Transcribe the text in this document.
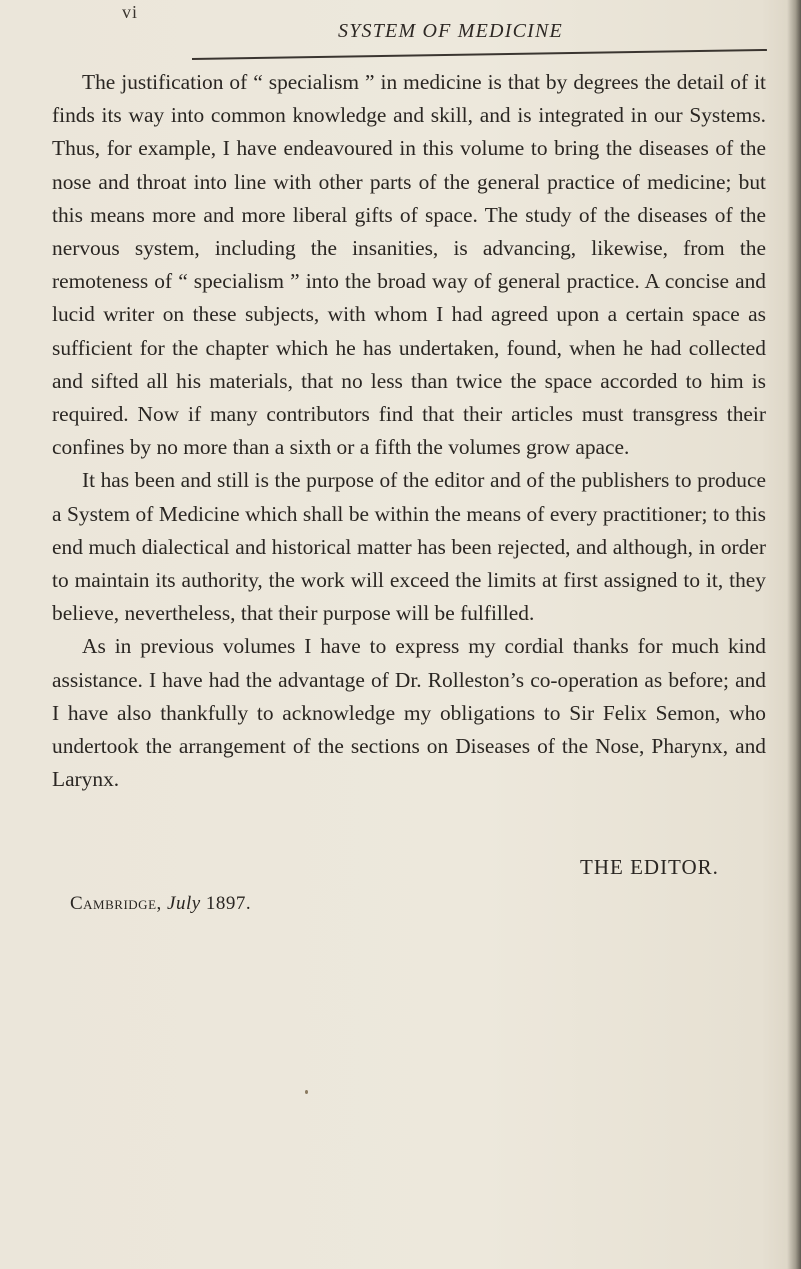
vi
SYSTEM OF MEDICINE

The justification of “ specialism ” in medicine is that by degrees the detail of it finds its way into common knowledge and skill, and is integrated in our Systems. Thus, for example, I have endeavoured in this volume to bring the diseases of the nose and throat into line with other parts of the general practice of medicine; but this means more and more liberal gifts of space. The study of the diseases of the nervous system, including the insanities, is advancing, likewise, from the remoteness of “ specialism ” into the broad way of general practice. A concise and lucid writer on these subjects, with whom I had agreed upon a certain space as sufficient for the chapter which he has undertaken, found, when he had collected and sifted all his materials, that no less than twice the space accorded to him is required. Now if many contributors find that their articles must transgress their confines by no more than a sixth or a fifth the volumes grow apace.

It has been and still is the purpose of the editor and of the publishers to produce a System of Medicine which shall be within the means of every practitioner; to this end much dialectical and historical matter has been rejected, and although, in order to maintain its authority, the work will exceed the limits at first assigned to it, they believe, nevertheless, that their purpose will be fulfilled.

As in previous volumes I have to express my cordial thanks for much kind assistance. I have had the advantage of Dr. Rolleston’s co-operation as before; and I have also thankfully to acknowledge my obligations to Sir Felix Semon, who undertook the arrangement of the sections on Diseases of the Nose, Pharynx, and Larynx.

THE EDITOR.
Cambridge, July 1897.
